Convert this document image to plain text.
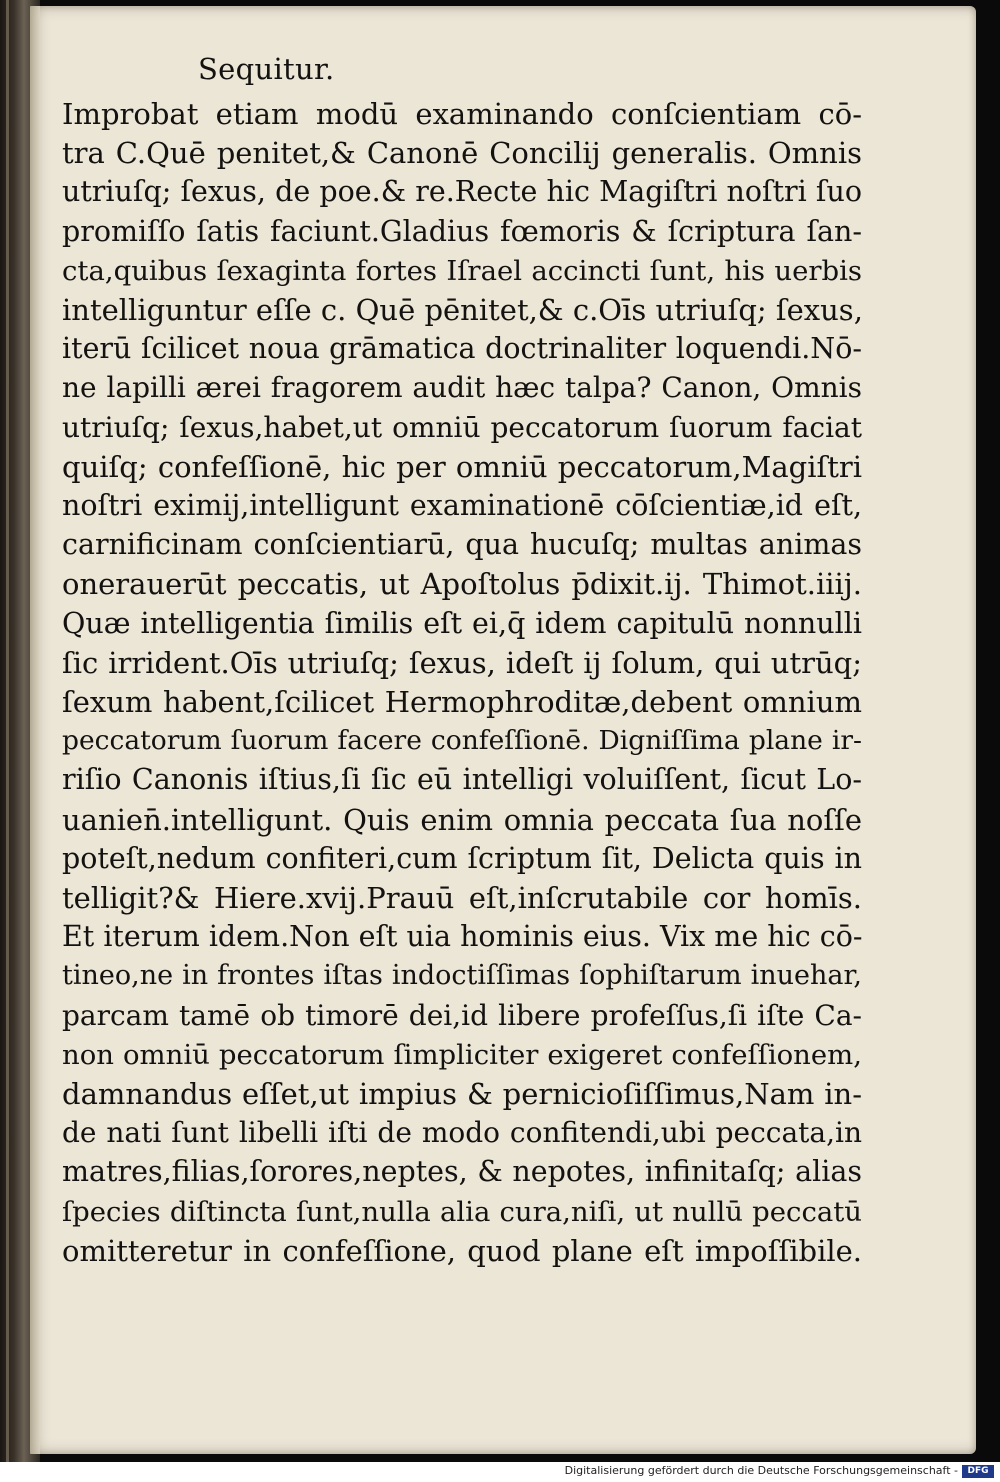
Sequitur.
Improbat etiam modū examinando conſcientiam cō-
tra C.Quē penitet,& Canonē Concilij generalis. Omnis
utriuſq; ſexus, de poe.& re.Recte hic Magiſtri noſtri ſuo
promiſſo ſatis faciunt.Gladius fœmoris & ſcriptura ſan-
cta,quibus ſexaginta fortes Iſrael accincti ſunt, his uerbis
intelliguntur eſſe c. Quē pēnitet,& c.Oīs utriuſq; ſexus,
iterū ſcilicet noua grāmatica doctrinaliter loquendi.Nō-
ne lapilli ærei fragorem audit hæc talpa? Canon, Omnis
utriuſq; ſexus,habet,ut omniū peccatorum ſuorum faciat
quiſq; confeſſionē, hic per omniū peccatorum,Magiſtri
noſtri eximij,intelligunt examinationē cōſcientiæ,id eſt,
carnificinam conſcientiarū, qua hucuſq; multas animas
onerauerūt peccatis, ut Apoſtolus p̄dixit.ij. Thimot.iiij.
Quæ intelligentia ſimilis eſt ei,q̄ idem capitulū nonnulli
ſic irrident.Oīs utriuſq; ſexus, ideſt ij ſolum, qui utrūq;
ſexum habent,ſcilicet Hermophroditæ,debent omnium
peccatorum ſuorum facere confeſſionē. Digniſſima plane ir-
riſio Canonis iſtius,ſi ſic eū intelligi voluiſſent, ſicut Lo-
uanien̄.intelligunt. Quis enim omnia peccata ſua noſſe
poteſt,nedum confiteri,cum ſcriptum ſit, Delicta quis in
telligit?& Hiere.xvij.Prauū eſt,inſcrutabile cor homīs.
Et iterum idem.Non eſt uia hominis eius. Vix me hic cō-
tineo,ne in frontes iſtas indoctiſſimas ſophiſtarum inuehar,
parcam tamē ob timorē dei,id libere profeſſus,ſi iſte Ca-
non omniū peccatorum ſimpliciter exigeret confeſſionem,
damnandus eſſet,ut impius & pernicioſiſſimus,Nam in-
de nati ſunt libelli iſti de modo confitendi,ubi peccata,in
matres,filias,ſorores,neptes, & nepotes, infinitaſq; alias
ſpecies diſtincta ſunt,nulla alia cura,niſi, ut nullū peccatū
omitteretur in confeſſione, quod plane eſt impoſſibile.
Digitalisierung gefördert durch die Deutsche Forschungsgemeinschaft -	DFG
